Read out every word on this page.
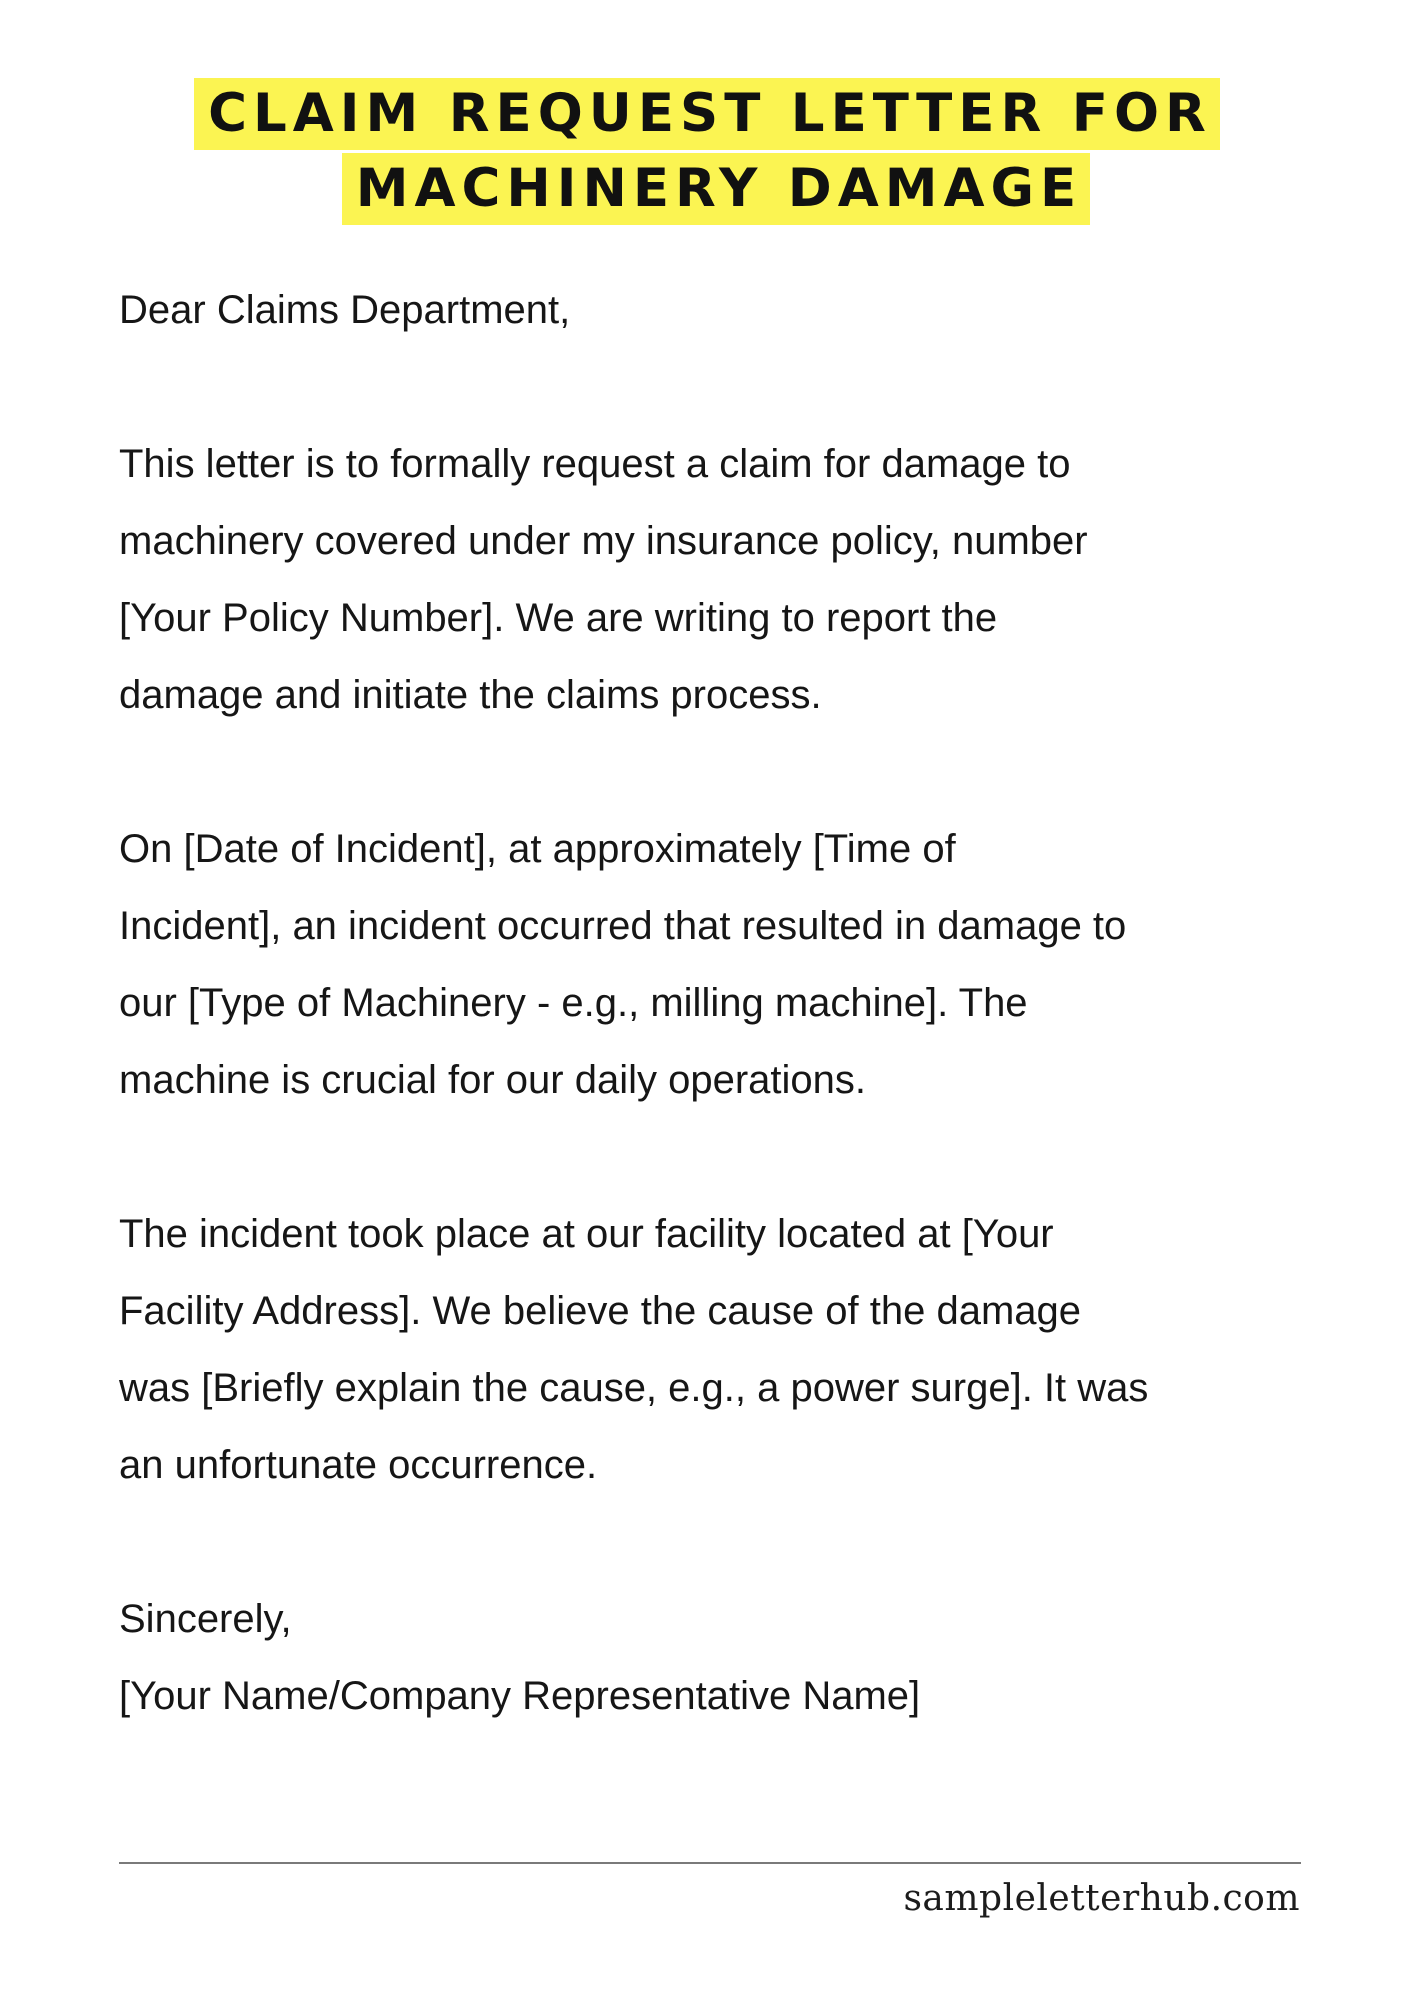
CLAIM REQUEST LETTER FOR
MACHINERY DAMAGE

Dear Claims Department,

This letter is to formally request a claim for damage to
machinery covered under my insurance policy, number
[Your Policy Number]. We are writing to report the
damage and initiate the claims process.

On [Date of Incident], at approximately [Time of
Incident], an incident occurred that resulted in damage to
our [Type of Machinery - e.g., milling machine]. The
machine is crucial for our daily operations.

The incident took place at our facility located at [Your
Facility Address]. We believe the cause of the damage
was [Briefly explain the cause, e.g., a power surge]. It was
an unfortunate occurrence.

Sincerely,

[Your Name/Company Representative Name]

sampleletterhub.com
